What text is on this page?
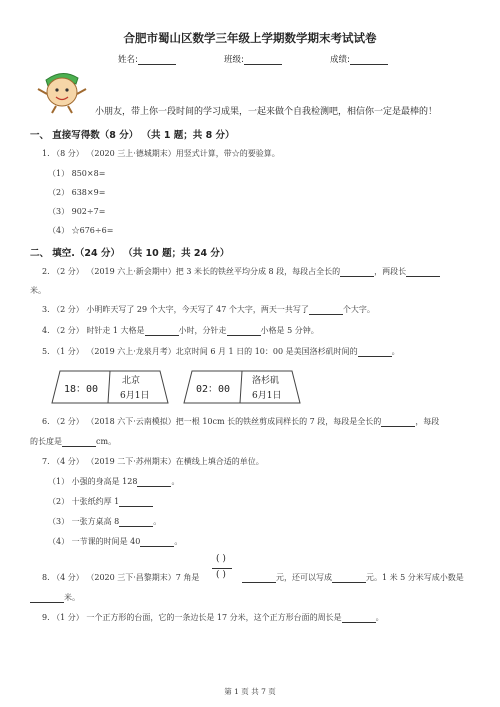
合肥市蜀山区数学三年级上学期数学期末考试试卷
姓名:	班级:	成绩:
小朋友，带上你一段时间的学习成果，一起来做个自我检测吧，相信你一定是最棒的！
一、 直接写得数（8 分） （共 1 题；共 8 分）
1. （8 分） （2020 三上·德城期末）用竖式计算，带☆的要验算。
（1） 850×8=
（2） 638×9=
（3） 902÷7=
（4） ☆676÷6=
二、 填空.（24 分） （共 10 题；共 24 分）
2. （2 分） （2019 六上·新会期中）把 3 米长的铁丝平均分成 8 段，每段占全长的	，两段长
米。
3. （2 分） 小明昨天写了 29 个大字，今天写了 47 个大字，两天一共写了	个大字。
4. （2 分） 时针走 1 大格是	小时，分针走	小格是 5 分钟。
5. （1 分） （2019 六上·龙泉月考）北京时间 6 月 1 日的 10：00 是美国洛杉矶时间的	。
18：00
北京
6月1日
02：00
洛杉矶
6月1日
6. （2 分） （2018 六下·云南模拟）把一根 10cm 长的铁丝剪成同样长的 7 段，每段是全长的	，每段
的长度是	cm。
7. （4 分） （2019 二下·苏州期末）在横线上填合适的单位。
（1） 小强的身高是 128	。
（2） 十张纸约厚 1
（3） 一张方桌高 8	。
（4） 一节课的时间是 40	。
8. （4 分） （2020 三下·昌黎期末）7 角是
( )
( )	元，还可以写成	元。1 米 5 分米写成小数是
米。
9. （1 分） 一个正方形的台面，它的一条边长是 17 分米，这个正方形台面的周长是	。
第 1 页 共 7 页
